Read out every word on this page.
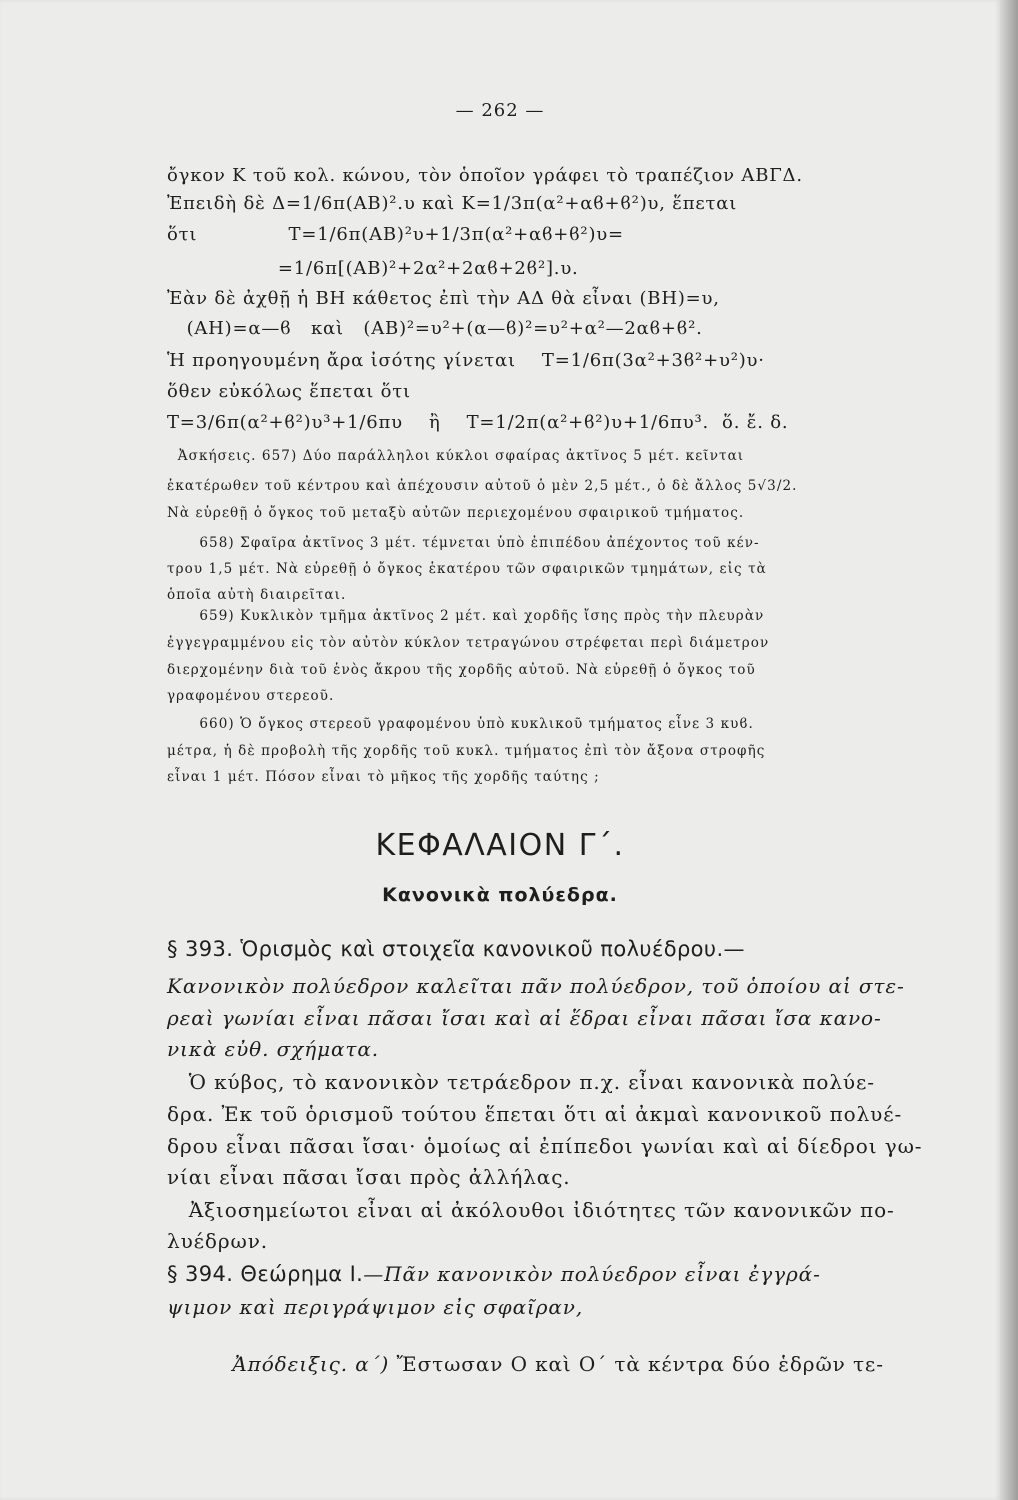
— 262 —
ὄγκον Κ τοῦ κολ. κώνου, τὸν ὁποῖον γράφει τὸ τραπέζιον ΑΒΓΔ.
Ἐπειδὴ δὲ Δ=1/6π(ΑΒ)².υ καὶ Κ=1/3π(α²+αϐ+ϐ²)υ, ἕπεται
ὅτι              Τ=1/6π(ΑΒ)²υ+1/3π(α²+αϐ+ϐ²)υ=
=1/6π[(ΑΒ)²+2α²+2αϐ+2ϐ²].υ.
Ἐὰν δὲ ἀχθῇ ἡ ΒΗ κάθετος ἐπὶ τὴν ΑΔ θὰ εἶναι (ΒΗ)=υ,
(ΑΗ)=α—ϐ   καὶ   (ΑΒ)²=υ²+(α—ϐ)²=υ²+α²—2αϐ+ϐ².
Ἡ προηγουμένη ἄρα ἰσότης γίνεται    Τ=1/6π(3α²+3ϐ²+υ²)υ·
ὅθεν εὐκόλως ἕπεται ὅτι
Τ=3/6π(α²+ϐ²)υ³+1/6πυ    ἢ    Τ=1/2π(α²+ϐ²)υ+1/6πυ³.  ὅ. ἔ. δ.
Ἀσκήσεις. 657) Δύο παράλληλοι κύκλοι σφαίρας ἀκτῖνος 5 μέτ. κεῖνται
ἑκατέρωθεν τοῦ κέντρου καὶ ἀπέχουσιν αὐτοῦ ὁ μὲν 2,5 μέτ., ὁ δὲ ἄλλος 5√3/2.
Νὰ εὑρεθῇ ὁ ὄγκος τοῦ μεταξὺ αὐτῶν περιεχομένου σφαιρικοῦ τμήματος.
658) Σφαῖρα ἀκτῖνος 3 μέτ. τέμνεται ὑπὸ ἐπιπέδου ἀπέχοντος τοῦ κέν-
τρου 1,5 μέτ. Νὰ εὑρεθῇ ὁ ὄγκος ἑκατέρου τῶν σφαιρικῶν τμημάτων, εἰς τὰ
ὁποῖα αὐτὴ διαιρεῖται.
659) Κυκλικὸν τμῆμα ἀκτῖνος 2 μέτ. καὶ χορδῆς ἴσης πρὸς τὴν πλευρὰν
ἐγγεγραμμένου εἰς τὸν αὐτὸν κύκλον τετραγώνου στρέφεται περὶ διάμετρον
διερχομένην διὰ τοῦ ἑνὸς ἄκρου τῆς χορδῆς αὐτοῦ. Νὰ εὑρεθῇ ὁ ὄγκος τοῦ
γραφομένου στερεοῦ.
660) Ὁ ὄγκος στερεοῦ γραφομένου ὑπὸ κυκλικοῦ τμήματος εἶνε 3 κυϐ.
μέτρα, ἡ δὲ προβολὴ τῆς χορδῆς τοῦ κυκλ. τμήματος ἐπὶ τὸν ἄξονα στροφῆς
εἶναι 1 μέτ. Πόσον εἶναι τὸ μῆκος τῆς χορδῆς ταύτης ;
ΚΕΦΑΛΑΙΟΝ Γ΄.
Κανονικὰ πολύεδρα.
§ 393. Ὁρισμὸς καὶ στοιχεῖα κανονικοῦ πολυέδρου.—
Κανονικὸν πολύεδρον καλεῖται πᾶν πολύεδρον, τοῦ ὁποίου αἱ στε-
ρεαὶ γωνίαι εἶναι πᾶσαι ἴσαι καὶ αἱ ἕδραι εἶναι πᾶσαι ἴσα κανο-
νικὰ εὐθ. σχήματα.
Ὁ κύβος, τὸ κανονικὸν τετράεδρον π.χ. εἶναι κανονικὰ πολύε-
δρα. Ἐκ τοῦ ὁρισμοῦ τούτου ἕπεται ὅτι αἱ ἀκμαὶ κανονικοῦ πολυέ-
δρου εἶναι πᾶσαι ἴσαι· ὁμοίως αἱ ἐπίπεδοι γωνίαι καὶ αἱ δίεδροι γω-
νίαι εἶναι πᾶσαι ἴσαι πρὸς ἀλλήλας.
Ἀξιοσημείωτοι εἶναι αἱ ἀκόλουθοι ἰδιότητες τῶν κανονικῶν πο-
λυέδρων.
§ 394. Θεώρημα Ι.—Πᾶν κανονικὸν πολύεδρον εἶναι ἐγγρά-
ψιμον καὶ περιγράψιμον εἰς σφαῖραν,

Ἀπόδειξις. α΄) Ἔστωσαν Ο καὶ Ο΄ τὰ κέντρα δύο ἑδρῶν τε-
